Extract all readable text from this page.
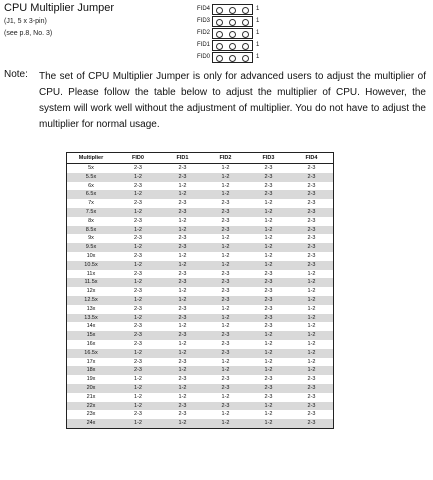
CPU Multiplier Jumper
(J1, 5 x 3-pin)
(see p.8, No. 3)
FID4	1
FID3	1
FID2	1
FID1	1
FID0	1
Note: The set of CPU Multiplier Jumper is only for advanced users to adjust the multiplier of CPU. Please follow the table below to adjust the multiplier of CPU. However, the system will work well without the adjustment of multiplier. You do not have to adjust the multiplier for normal usage.
Multiplier	FID0	FID1	FID2	FID3	FID4
5x	2-3	2-3	1-2	2-3	2-3
5.5x	1-2	2-3	1-2	2-3	2-3
6x	2-3	1-2	1-2	2-3	2-3
6.5x	1-2	1-2	1-2	2-3	2-3
7x	2-3	2-3	2-3	1-2	2-3
7.5x	1-2	2-3	2-3	1-2	2-3
8x	2-3	1-2	2-3	1-2	2-3
8.5x	1-2	1-2	2-3	1-2	2-3
9x	2-3	2-3	1-2	1-2	2-3
9.5x	1-2	2-3	1-2	1-2	2-3
10x	2-3	1-2	1-2	1-2	2-3
10.5x	1-2	1-2	1-2	1-2	2-3
11x	2-3	2-3	2-3	2-3	1-2
11.5x	1-2	2-3	2-3	2-3	1-2
12x	2-3	1-2	2-3	2-3	1-2
12.5x	1-2	1-2	2-3	2-3	1-2
13x	2-3	2-3	1-2	2-3	1-2
13.5x	1-2	2-3	1-2	2-3	1-2
14x	2-3	1-2	1-2	2-3	1-2
15x	2-3	2-3	2-3	1-2	1-2
16x	2-3	1-2	2-3	1-2	1-2
16.5x	1-2	1-2	2-3	1-2	1-2
17x	2-3	2-3	1-2	1-2	1-2
18x	2-3	1-2	1-2	1-2	1-2
19x	1-2	2-3	2-3	2-3	2-3
20x	1-2	1-2	2-3	2-3	2-3
21x	1-2	1-2	1-2	2-3	2-3
22x	1-2	2-3	2-3	1-2	2-3
23x	2-3	2-3	1-2	1-2	2-3
24x	1-2	1-2	1-2	1-2	2-3
